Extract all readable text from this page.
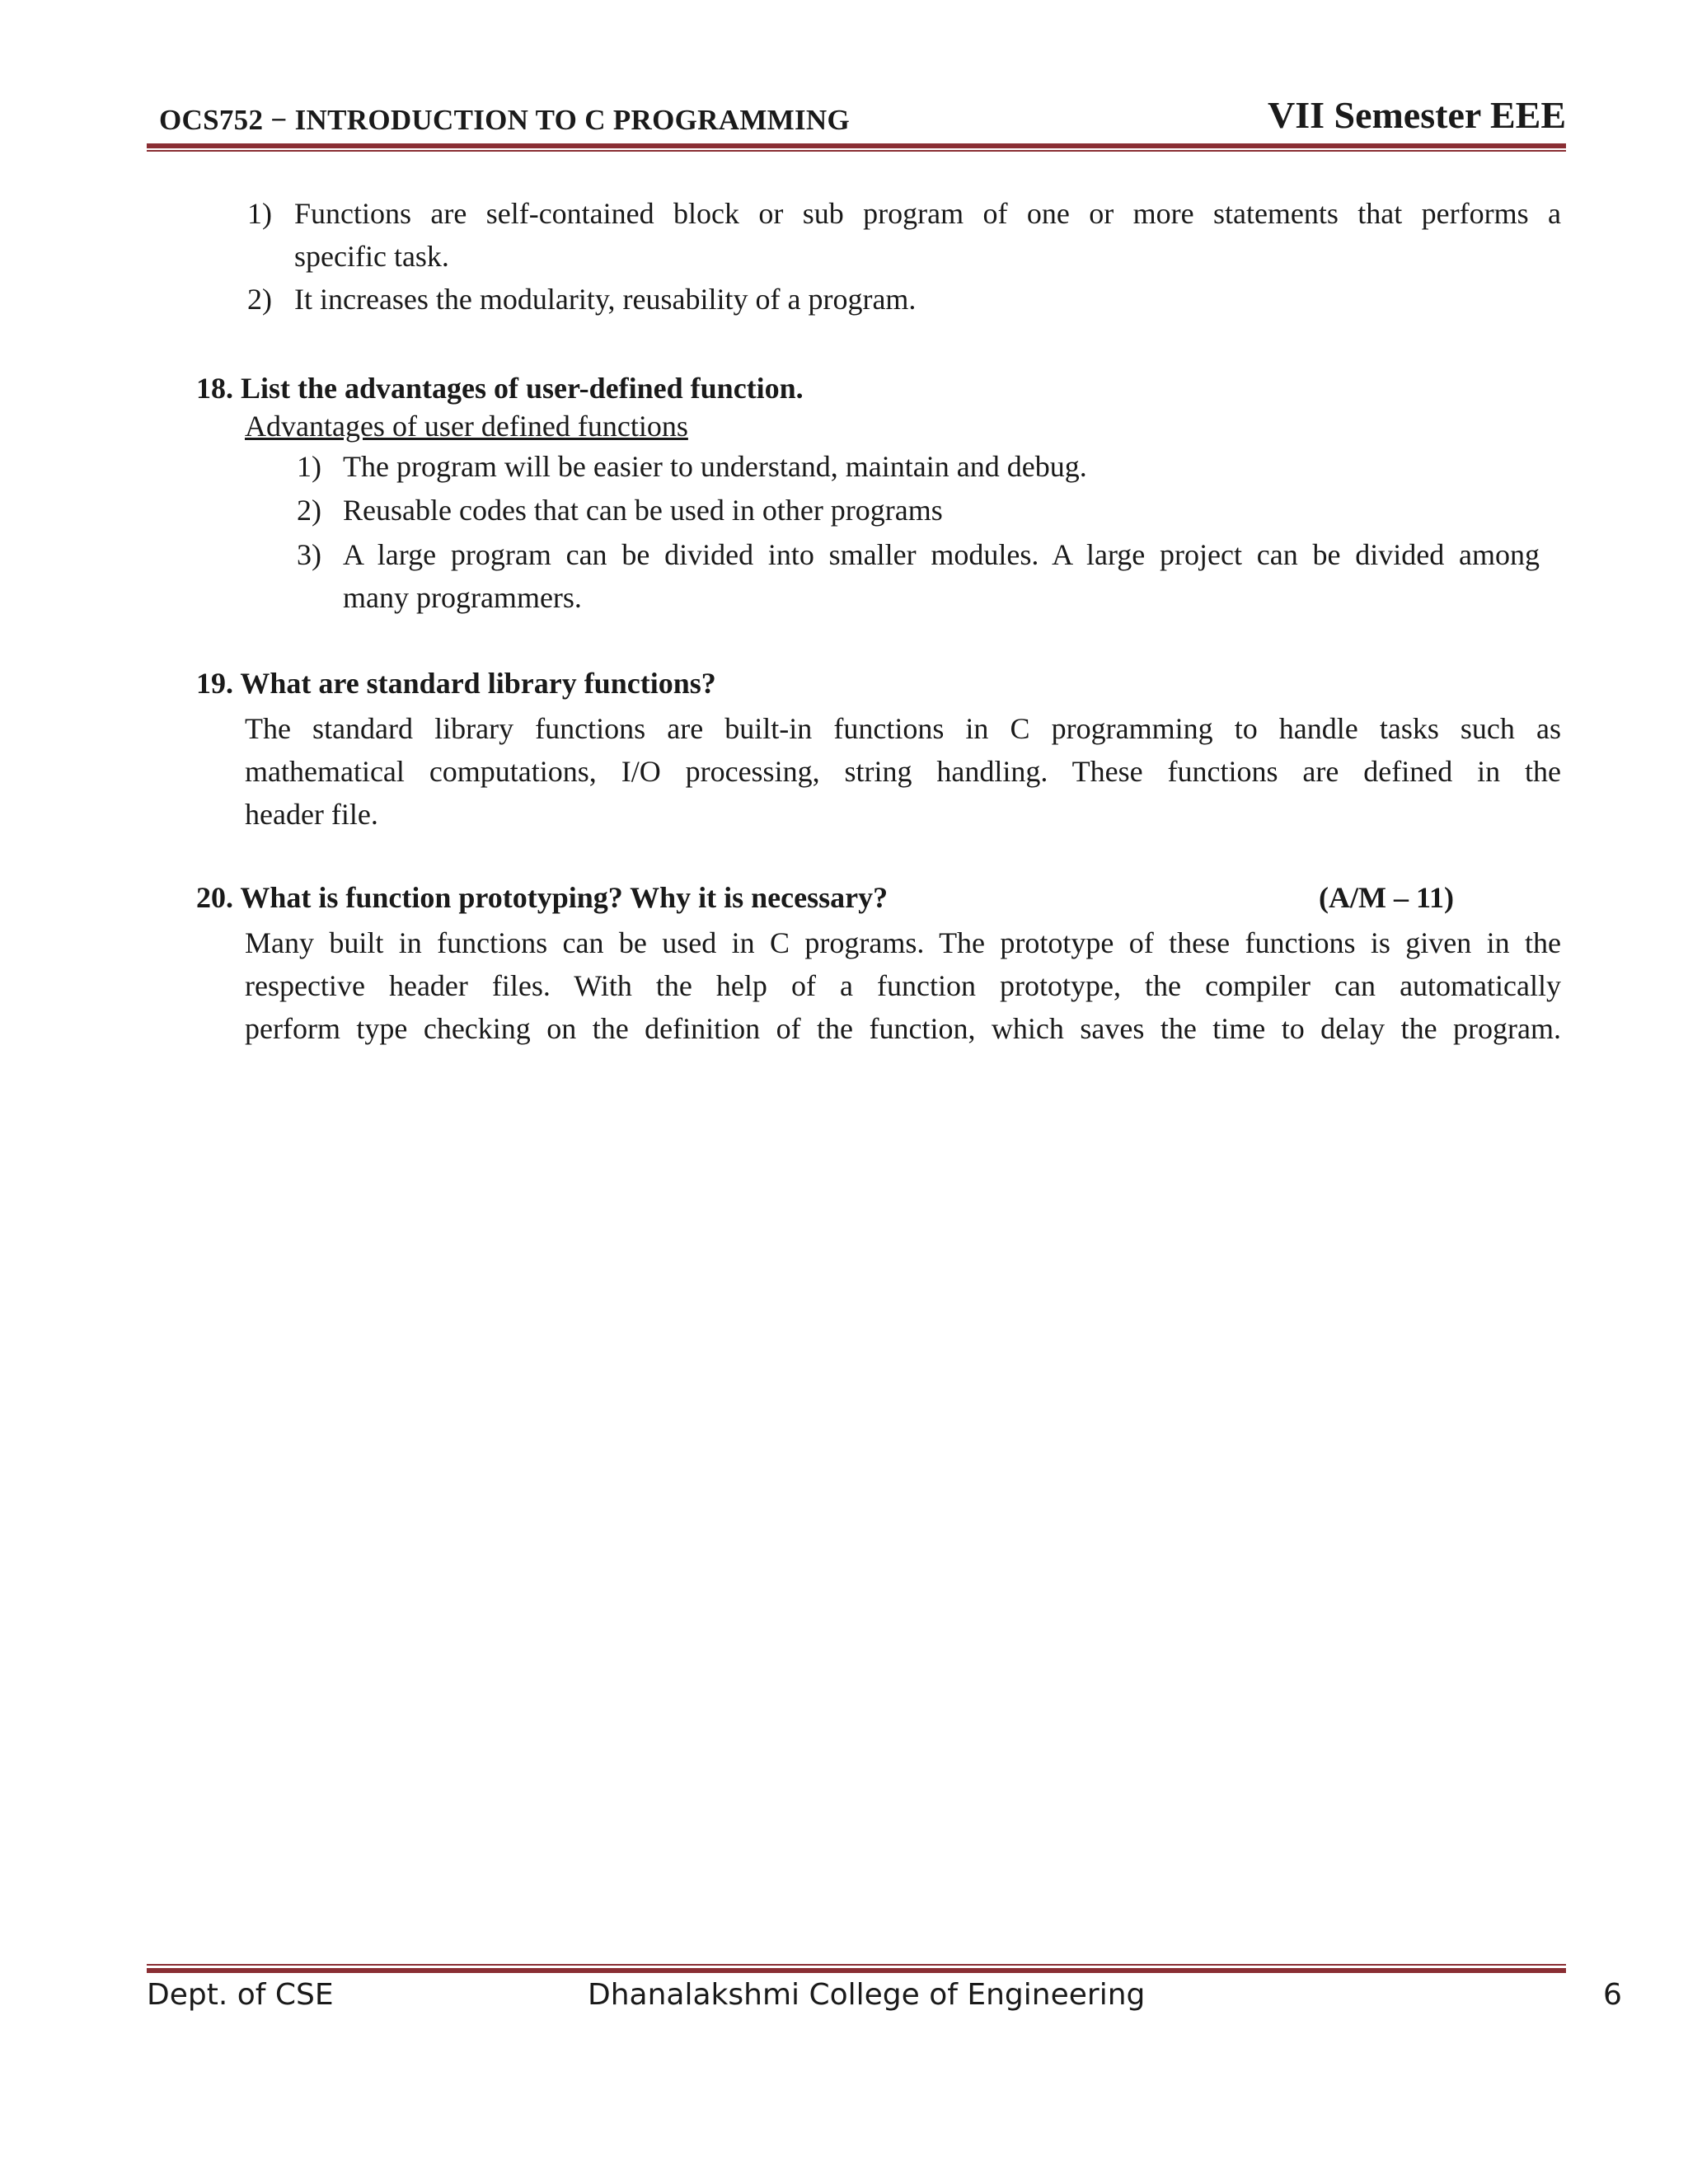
OCS752 − INTRODUCTION TO C PROGRAMMING	VII Semester EEE
1) Functions are self-contained block or sub program of one or more statements that performs a
specific task.
2) It increases the modularity, reusability of a program.
18. List the advantages of user-defined function.
Advantages of user defined functions
1) The program will be easier to understand, maintain and debug.
2) Reusable codes that can be used in other programs
3) A large program can be divided into smaller modules. A large project can be divided among
many programmers.
19. What are standard library functions?
The standard library functions are built-in functions in C programming to handle tasks such as
mathematical computations, I/O processing, string handling. These functions are defined in the
header file.
20. What is function prototyping? Why it is necessary?	(A/M – 11)
Many built in functions can be used in C programs. The prototype of these functions is given in the
respective header files. With the help of a function prototype, the compiler can automatically
perform type checking on the definition of the function, which saves the time to delay the program.
Dept. of CSE	Dhanalakshmi College of Engineering	6
